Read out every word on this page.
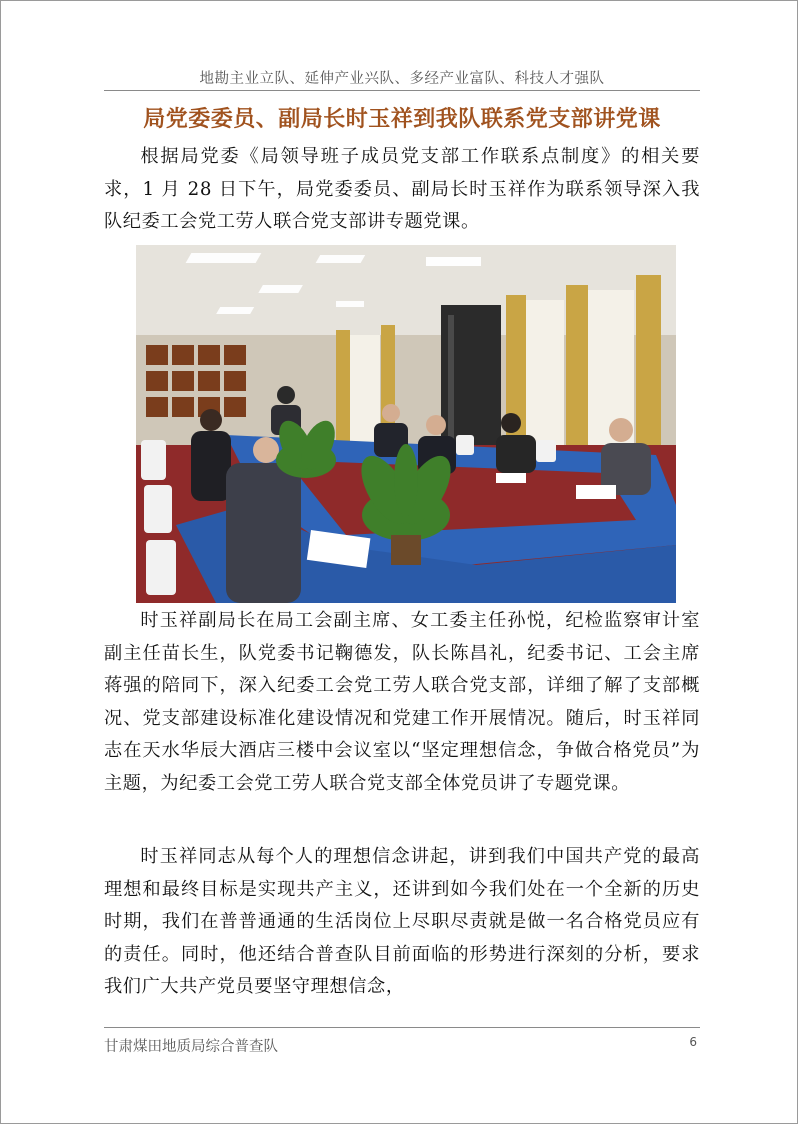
地勘主业立队、延伸产业兴队、多经产业富队、科技人才强队
局党委委员、副局长时玉祥到我队联系党支部讲党课

根据局党委《局领导班子成员党支部工作联系点制度》的相关要求，1 月 28 日下午，局党委委员、副局长时玉祥作为联系领导深入我队纪委工会党工劳人联合党支部讲专题党课。

时玉祥副局长在局工会副主席、女工委主任孙悦，纪检监察审计室副主任苗长生，队党委书记鞠德发，队长陈昌礼，纪委书记、工会主席蒋强的陪同下，深入纪委工会党工劳人联合党支部，详细了解了支部概况、党支部建设标准化建设情况和党建工作开展情况。随后，时玉祥同志在天水华辰大酒店三楼中会议室以“坚定理想信念，争做合格党员”为主题，为纪委工会党工劳人联合党支部全体党员讲了专题党课。

时玉祥同志从每个人的理想信念讲起，讲到我们中国共产党的最高理想和最终目标是实现共产主义，还讲到如今我们处在一个全新的历史时期，我们在普普通通的生活岗位上尽职尽责就是做一名合格党员应有的责任。同时，他还结合普查队目前面临的形势进行深刻的分析，要求我们广大共产党员要坚守理想信念，

甘肃煤田地质局综合普查队	6
